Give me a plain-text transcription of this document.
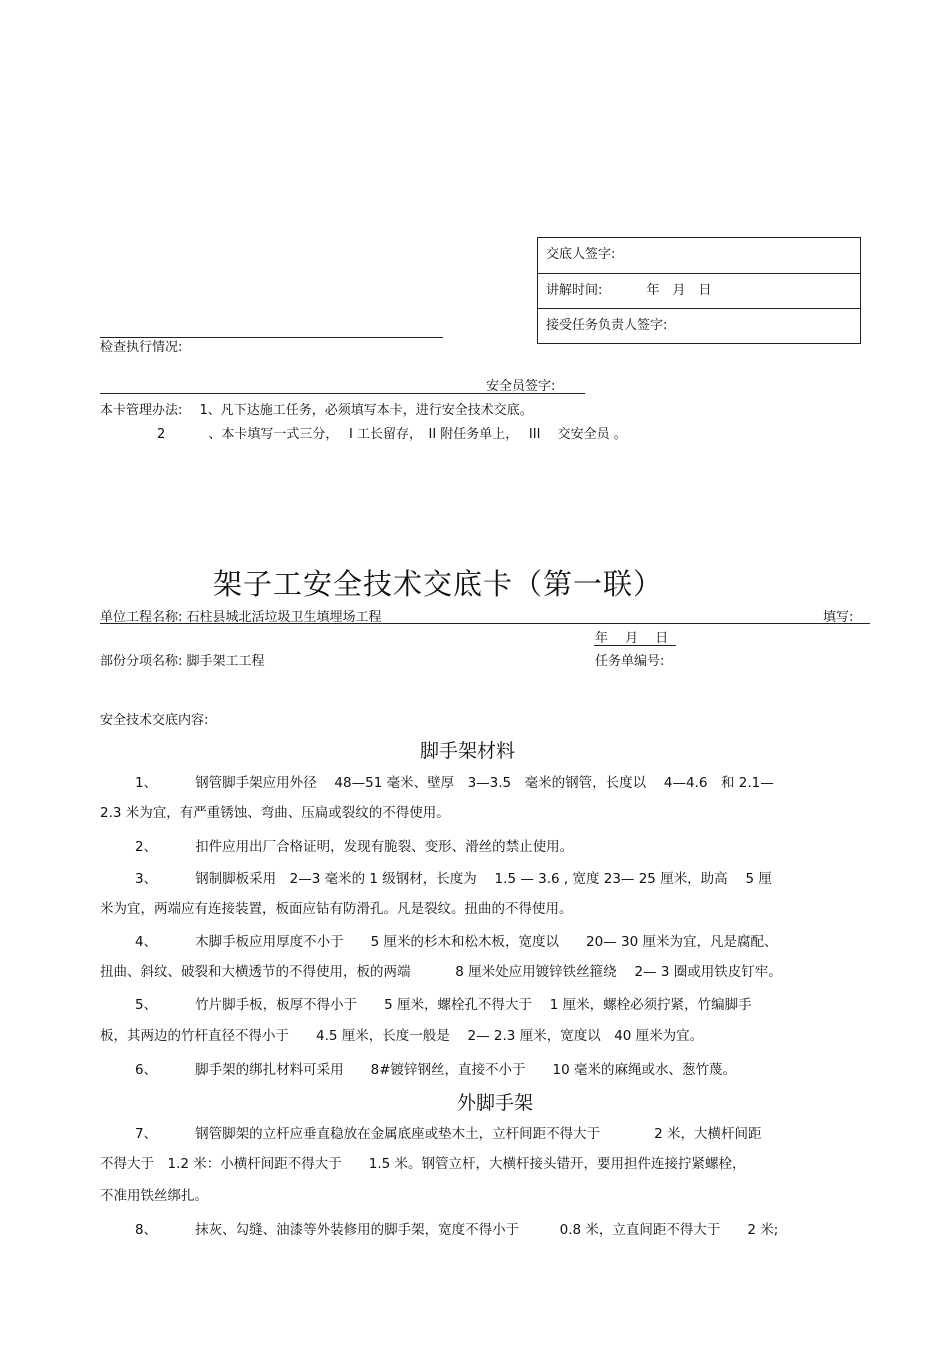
交底人签字:
讲解时间:	年　月　日
接受任务负责人签字:
检查执行情况:
安全员签字:
本卡管理办法:　 1、凡下达施工任务，必须填写本卡，进行安全技术交底。
2　　　 、本卡填写一式三分，　 I 工长留存，　II 附任务单上，　 III 　交安全员 。
架子工安全技术交底卡（第一联）
单位工程名称: 石柱县城北活垃圾卫生填埋场工程	填写:
年　 月　 日
部份分项名称: 脚手架工工程	任务单编号:
安全技术交底内容:
脚手架材料
1、　　　 钢管脚手架应用外径　 48—51 毫米、壁厚　3—3.5　毫米的钢管，长度以　 4—4.6　和 2.1—
2.3 米为宜，有严重锈蚀、弯曲、压扁或裂纹的不得使用。
2、　　　 扣件应用出厂合格证明，发现有脆裂、变形、滑丝的禁止使用。
3、　　　 钢制脚板采用　2—3 毫米的 1 级钢材，长度为　 1.5 — 3.6 , 宽度 23— 25 厘米，助高　 5 厘
米为宜，两端应有连接装置，板面应钻有防滑孔。凡是裂纹。扭曲的不得使用。
4、　　　 木脚手板应用厚度不小于　　5 厘米的杉木和松木板，宽度以　　20— 30 厘米为宜，凡是腐配、
扭曲、斜纹、破裂和大横透节的不得使用，板的两端　　　 8 厘米处应用镀锌铁丝箍绕　 2— 3 圈或用铁皮钉牢。
5、　　　 竹片脚手板，板厚不得小于　　5 厘米，螺栓孔不得大于　 1 厘米，螺栓必须拧紧，竹编脚手
板，其两边的竹杆直径不得小于　　4.5 厘米，长度一般是　 2— 2.3 厘米，宽度以　40 厘米为宜。
6、　　　 脚手架的绑扎材料可采用　　8#镀锌钢丝，直接不小于　　10 毫米的麻绳或水、葱竹蔑。
外脚手架
7、　　　 钢管脚架的立杆应垂直稳放在金属底座或垫木土，立杆间距不得大于　　　　2 米，大横杆间距
不得大于　1.2 米：小横杆间距不得大于　　1.5 米。钢管立杆，大横杆接头错开，要用担件连接拧紧螺栓，
不准用铁丝绑扎。
8、　　　 抹灰、勾缝、油漆等外装修用的脚手架，宽度不得小于　　　0.8 米，立直间距不得大于　　2 米;
